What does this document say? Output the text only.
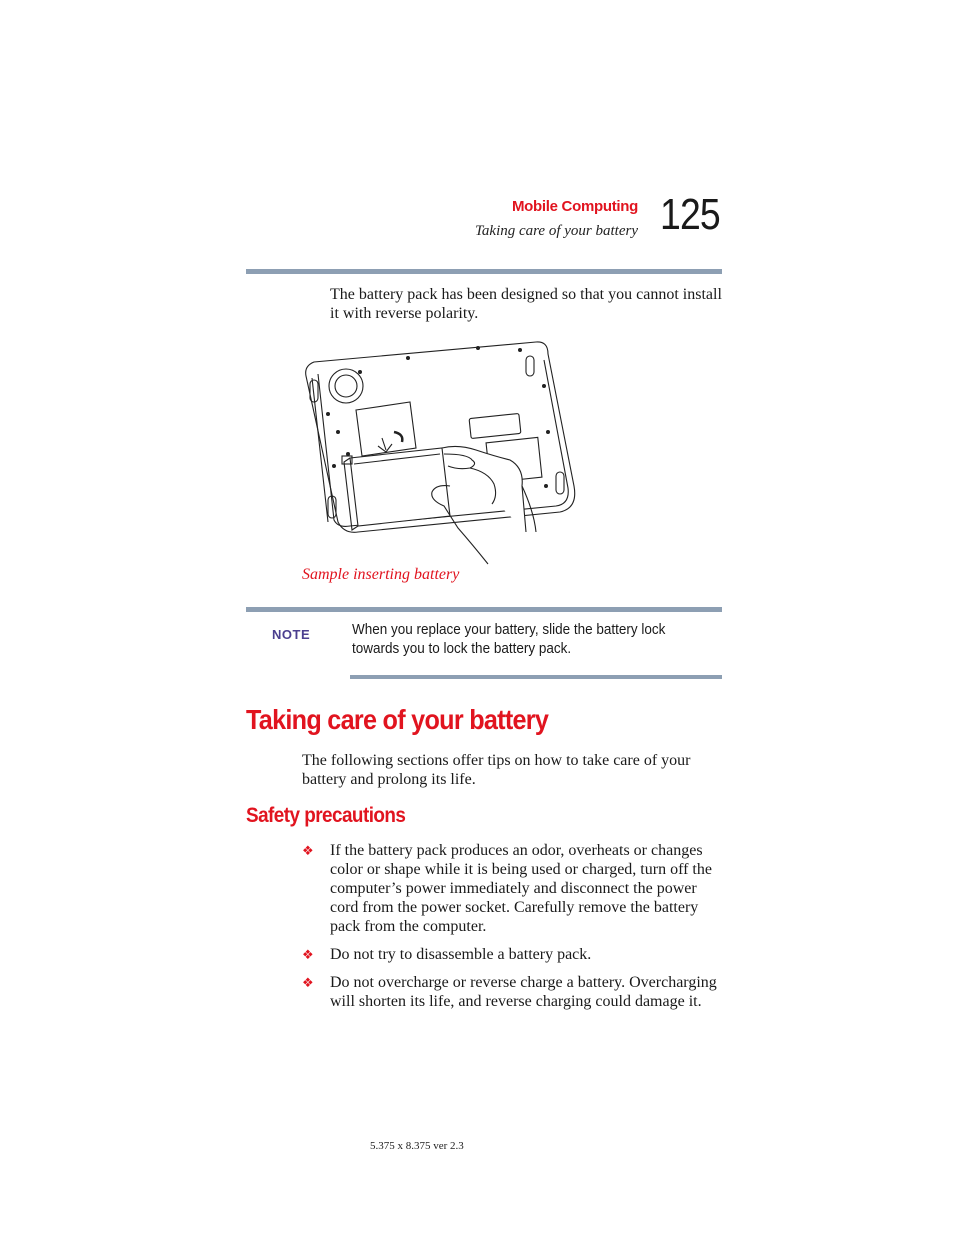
Mobile Computing
Taking care of your battery 125
The battery pack has been designed so that you cannot install it with reverse polarity.
Sample inserting battery
NOTE	When you replace your battery, slide the battery lock towards you to lock the battery pack.
Taking care of your battery
The following sections offer tips on how to take care of your battery and prolong its life.
Safety precautions
❖ If the battery pack produces an odor, overheats or changes color or shape while it is being used or charged, turn off the computer’s power immediately and disconnect the power cord from the power socket. Carefully remove the battery pack from the computer.
❖ Do not try to disassemble a battery pack.
❖ Do not overcharge or reverse charge a battery. Overcharging will shorten its life, and reverse charging could damage it.
5.375 x 8.375 ver 2.3
